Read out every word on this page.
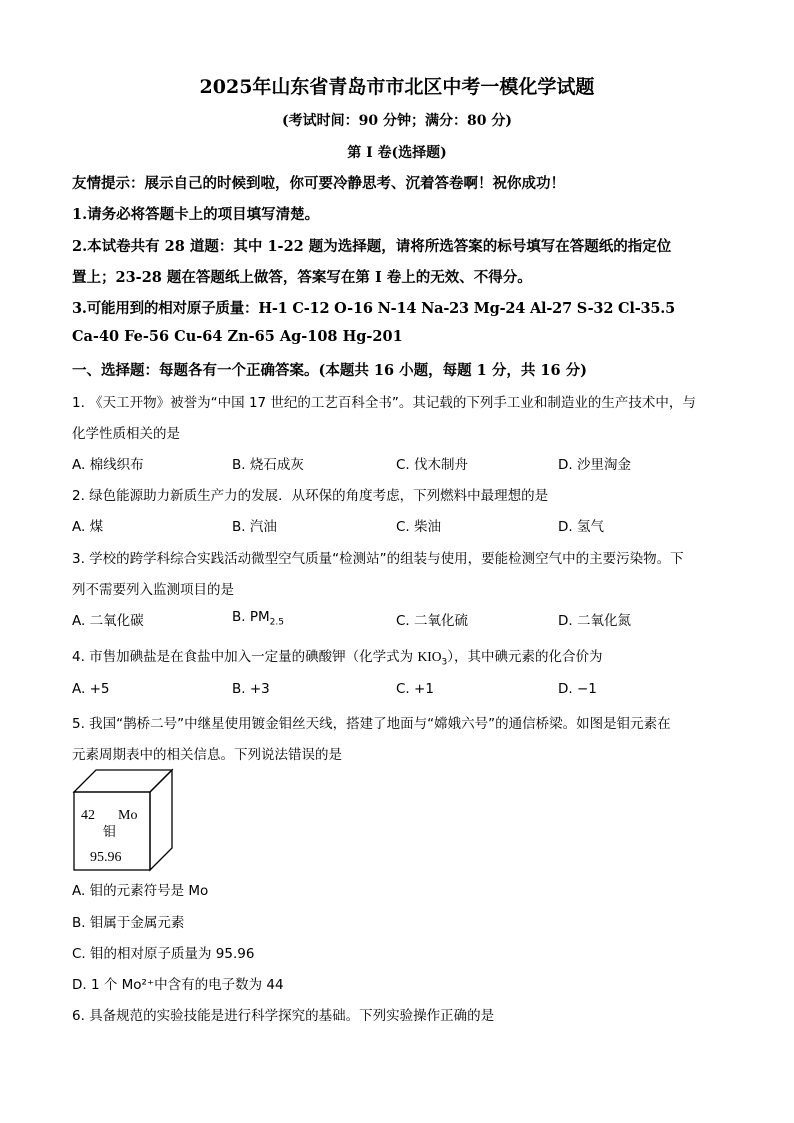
2025年山东省青岛市市北区中考一模化学试题
(考试时间：90 分钟；满分：80 分)
第 I 卷(选择题)
友情提示：展示自己的时候到啦，你可要冷静思考、沉着答卷啊！祝你成功！
1.请务必将答题卡上的项目填写清楚。
2.本试卷共有 28 道题：其中 1-22 题为选择题，请将所选答案的标号填写在答题纸的指定位
置上；23-28 题在答题纸上做答，答案写在第 I 卷上的无效、不得分。
3.可能用到的相对原子质量：H-1 C-12 O-16 N-14 Na-23 Mg-24 Al-27 S-32 Cl-35.5
Ca-40 Fe-56 Cu-64 Zn-65 Ag-108 Hg-201
一、选择题：每题各有一个正确答案。(本题共 16 小题，每题 1 分，共 16 分)
1. 《天工开物》被誉为“中国 17 世纪的工艺百科全书”。其记载的下列手工业和制造业的生产技术中，与
化学性质相关的是
A. 棉线织布	B. 烧石成灰	C. 伐木制舟	D. 沙里淘金
2. 绿色能源助力新质生产力的发展．从环保的角度考虑，下列燃料中最理想的是
A. 煤	B. 汽油	C. 柴油	D. 氢气
3. 学校的跨学科综合实践活动微型空气质量“检测站”的组装与使用，要能检测空气中的主要污染物。下
列不需要列入监测项目的是
A. 二氧化碳	B. $PM_{2.5}$	C. 二氧化硫	D. 二氧化氮
4. 市售加碘盐是在食盐中加入一定量的碘酸钾（化学式为 $KIO_3$），其中碘元素的化合价为
A. +5	B. +3	C. +1	D. −1
5. 我国“鹊桥二号”中继星使用镀金钼丝天线，搭建了地面与“嫦娥六号”的通信桥梁。如图是钼元素在
元素周期表中的相关信息。下列说法错误的是
42 Mo
钼
95.96
A. 钼的元素符号是 Mo
B. 钼属于金属元素
C. 钼的相对原子质量为 95.96
D. 1 个 Mo²⁺中含有的电子数为 44
6. 具备规范的实验技能是进行科学探究的基础。下列实验操作正确的是
